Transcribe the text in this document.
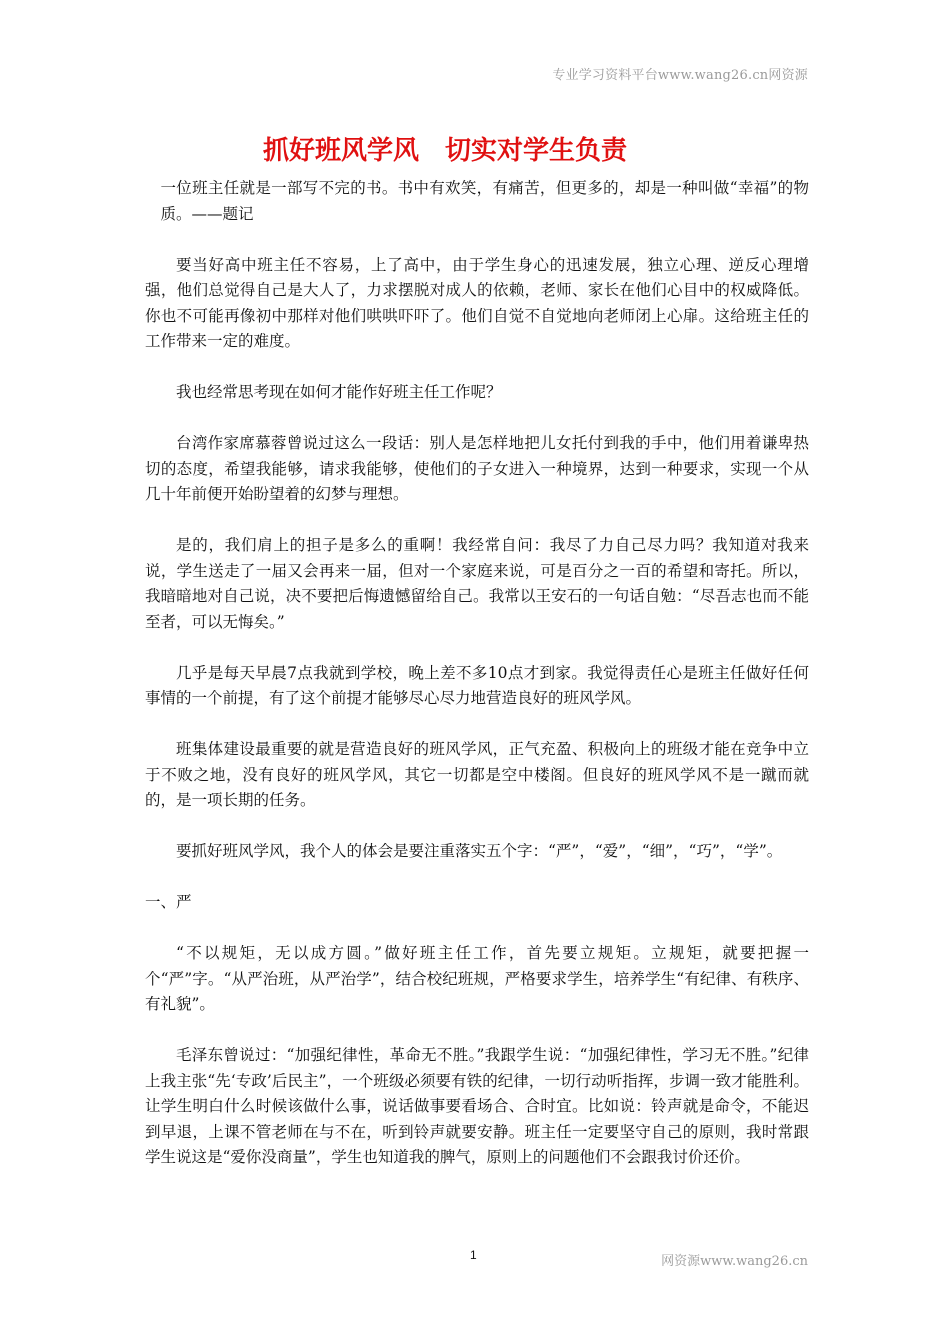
专业学习资料平台www.wang26.cn网资源
抓好班风学风　切实对学生负责

一位班主任就是一部写不完的书。书中有欢笑，有痛苦，但更多的，却是一种叫做“幸福”的物质。——题记

要当好高中班主任不容易，上了高中，由于学生身心的迅速发展，独立心理、逆反心理增强，他们总觉得自己是大人了，力求摆脱对成人的依赖，老师、家长在他们心目中的权威降低。你也不可能再像初中那样对他们哄哄吓吓了。他们自觉不自觉地向老师闭上心扉。这给班主任的工作带来一定的难度。

我也经常思考现在如何才能作好班主任工作呢？

台湾作家席慕蓉曾说过这么一段话：别人是怎样地把儿女托付到我的手中，他们用着谦卑热切的态度，希望我能够，请求我能够，使他们的子女进入一种境界，达到一种要求，实现一个从几十年前便开始盼望着的幻梦与理想。

是的，我们肩上的担子是多么的重啊！我经常自问：我尽了力自己尽力吗？我知道对我来说，学生送走了一届又会再来一届，但对一个家庭来说，可是百分之一百的希望和寄托。所以，我暗暗地对自己说，决不要把后悔遗憾留给自己。我常以王安石的一句话自勉：“尽吾志也而不能至者，可以无悔矣。”

几乎是每天早晨7点我就到学校，晚上差不多10点才到家。我觉得责任心是班主任做好任何事情的一个前提，有了这个前提才能够尽心尽力地营造良好的班风学风。

班集体建设最重要的就是营造良好的班风学风，正气充盈、积极向上的班级才能在竞争中立于不败之地，没有良好的班风学风，其它一切都是空中楼阁。但良好的班风学风不是一蹴而就的，是一项长期的任务。

要抓好班风学风，我个人的体会是要注重落实五个字：“严”，“爱”，“细”，“巧”，“学”。

一、严

“不以规矩，无以成方圆。”做好班主任工作，首先要立规矩。立规矩，就要把握一个“严”字。“从严治班，从严治学”，结合校纪班规，严格要求学生，培养学生“有纪律、有秩序、有礼貌”。

毛泽东曾说过：“加强纪律性，革命无不胜。”我跟学生说：“加强纪律性，学习无不胜。”纪律上我主张“先‘专政’后民主”，一个班级必须要有铁的纪律，一切行动听指挥，步调一致才能胜利。让学生明白什么时候该做什么事，说话做事要看场合、合时宜。比如说：铃声就是命令，不能迟到早退，上课不管老师在与不在，听到铃声就要安静。班主任一定要坚守自己的原则，我时常跟学生说这是“爱你没商量”，学生也知道我的脾气，原则上的问题他们不会跟我讨价还价。

1	网资源www.wang26.cn
